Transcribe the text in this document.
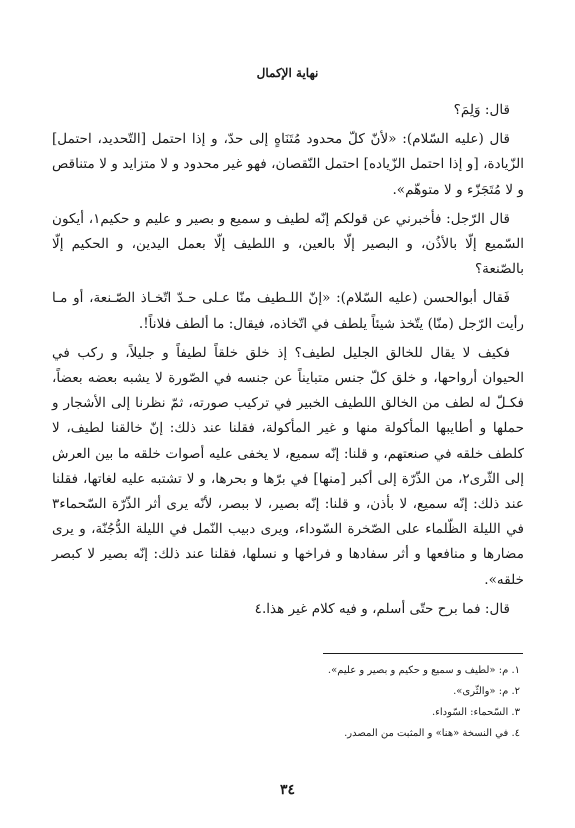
نهاية الإكمال

قال: وَلِمَ؟

قال (عليه السّلام): «لأنّ كلّ محدود مُتَنَاهٍ إلى حدّ، و إذا احتمل [التّحديد، احتمل] الزّيادة، [و إذا احتمل الزّياده] احتمل النّقصان، فهو غير محدود و لا متزايد و لا متناقص و لا مُتَجَزّء و لا متوهّم».

قال الرّجل: فأخبرني عن قولكم إنّه لطيف و سميع و بصير و عليم و حكيم١، أيكون السّميع إلّا بالأذُن، و البصير إلّا بالعين، و اللطيف إلّا بعمل اليدين، و الحكيم إلّا بالصّنعة؟

فَقال أبوالحسن (عليه السّلام): «إنّ اللـطيف منّا عـلى حـدّ اتّخـاذ الصّـنعة، أو مـا رأيت الرّجل (منّا) يتّخذ شيئاً يلطف في اتّخاذه، فيقال: ما ألطف فلاناً!.

فكيف لا يقال للخالق الجليل لطيف؟ إذ خلق خلقاً لطيفاً و جليلاً، و ركب في الحيوان أرواحها، و خلق كلّ جنس متبايناً عن جنسه في الصّورة لا يشبه بعضه بعضاً، فكـلّ له لطف من الخالق اللطيف الخبير في تركيب صورته، ثمّ نظرنا إلى الأشجار و حملها و أطايبها المأكولة منها و غير المأكولة، فقلنا عند ذلك: إنّ خالقنا لطيف، لا كلطف خلقه في صنعتهم، و قلنا: إنّه سميع، لا يخفى عليه أصوات خلقه ما بين العرش إلى الثّرى٢، من الذّرّة إلى أكبر [منها] في برّها و بحرها، و لا تشتبه عليه لغاتها، فقلنا عند ذلك: إنّه سميع، لا بأذن، و قلنا: إنّه بصير، لا ببصر، لأنّه يرى أثر الذّرّة السّحماء٣ في الليلة الظّلماء على الصّخرة السّوداء، ويرى دبيب النّمل في الليلة الدُّجُنّة، و يرى مضارها و منافعها و أثر سفادها و فراخها و نسلها، فقلنا عند ذلك: إنّه بصير لا كبصر خلقه».

قال: فما برح حتّى أسلم، و فيه كلام غير هذا.٤

١. م: «لطيف و سميع و حكيم و بصير و عليم».
٢. م: «والثّرى».
٣. السّحماء: السّوداء.
٤. في النسخة «هنا» و المثبت من المصدر.
٣٤
